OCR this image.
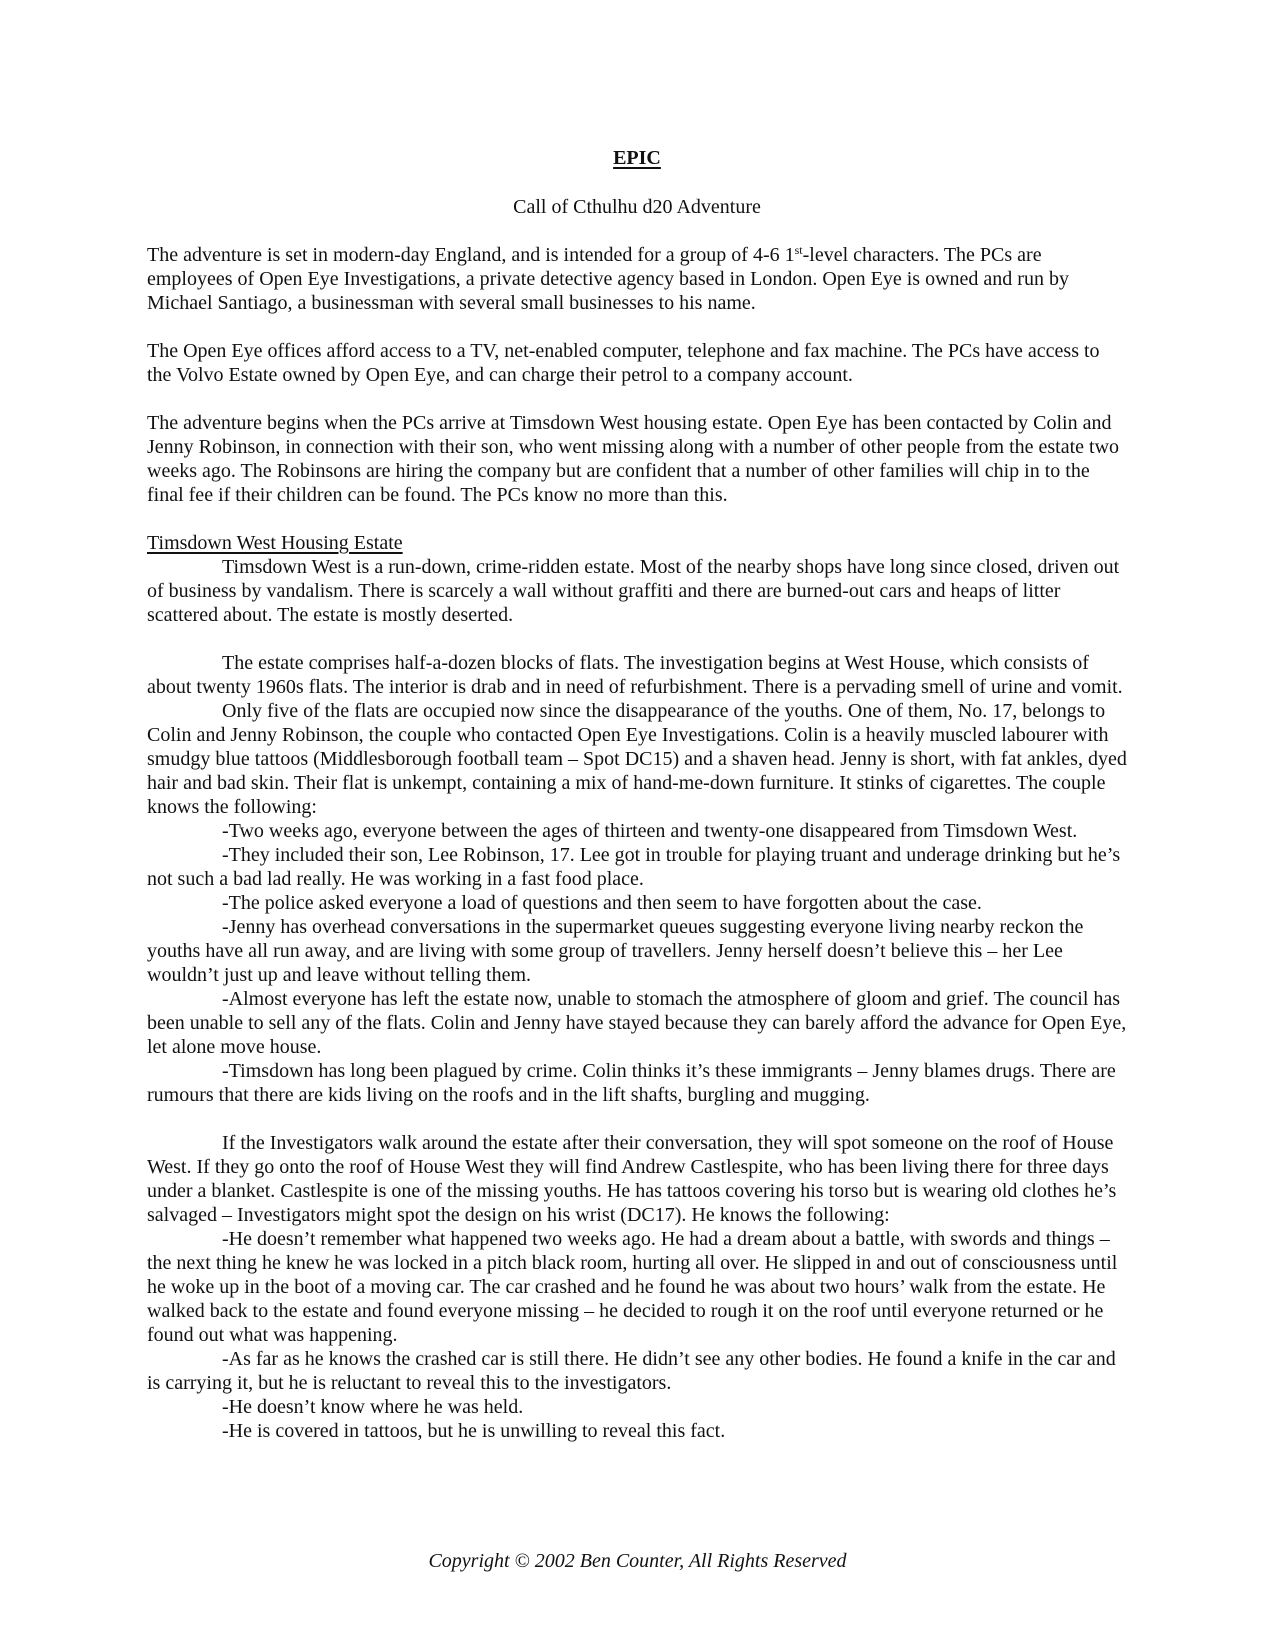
EPIC
Call of Cthulhu d20 Adventure

The adventure is set in modern-day England, and is intended for a group of 4-6 1st-level characters. The PCs are employees of Open Eye Investigations, a private detective agency based in London. Open Eye is owned and run by Michael Santiago, a businessman with several small businesses to his name.

The Open Eye offices afford access to a TV, net-enabled computer, telephone and fax machine. The PCs have access to the Volvo Estate owned by Open Eye, and can charge their petrol to a company account.

The adventure begins when the PCs arrive at Timsdown West housing estate. Open Eye has been contacted by Colin and Jenny Robinson, in connection with their son, who went missing along with a number of other people from the estate two weeks ago. The Robinsons are hiring the company but are confident that a number of other families will chip in to the final fee if their children can be found. The PCs know no more than this.

Timsdown West Housing Estate

Timsdown West is a run-down, crime-ridden estate. Most of the nearby shops have long since closed, driven out of business by vandalism. There is scarcely a wall without graffiti and there are burned-out cars and heaps of litter scattered about. The estate is mostly deserted.

The estate comprises half-a-dozen blocks of flats. The investigation begins at West House, which consists of about twenty 1960s flats. The interior is drab and in need of refurbishment. There is a pervading smell of urine and vomit.

Only five of the flats are occupied now since the disappearance of the youths. One of them, No. 17, belongs to Colin and Jenny Robinson, the couple who contacted Open Eye Investigations. Colin is a heavily muscled labourer with smudgy blue tattoos (Middlesborough football team – Spot DC15) and a shaven head. Jenny is short, with fat ankles, dyed hair and bad skin. Their flat is unkempt, containing a mix of hand-me-down furniture. It stinks of cigarettes. The couple knows the following:

-Two weeks ago, everyone between the ages of thirteen and twenty-one disappeared from Timsdown West.

-They included their son, Lee Robinson, 17. Lee got in trouble for playing truant and underage drinking but he’s not such a bad lad really. He was working in a fast food place.

-The police asked everyone a load of questions and then seem to have forgotten about the case.

-Jenny has overhead conversations in the supermarket queues suggesting everyone living nearby reckon the youths have all run away, and are living with some group of travellers. Jenny herself doesn’t believe this – her Lee wouldn’t just up and leave without telling them.

-Almost everyone has left the estate now, unable to stomach the atmosphere of gloom and grief. The council has been unable to sell any of the flats. Colin and Jenny have stayed because they can barely afford the advance for Open Eye, let alone move house.

-Timsdown has long been plagued by crime. Colin thinks it’s these immigrants – Jenny blames drugs. There are rumours that there are kids living on the roofs and in the lift shafts, burgling and mugging.

If the Investigators walk around the estate after their conversation, they will spot someone on the roof of House West. If they go onto the roof of House West they will find Andrew Castlespite, who has been living there for three days under a blanket. Castlespite is one of the missing youths. He has tattoos covering his torso but is wearing old clothes he’s salvaged – Investigators might spot the design on his wrist (DC17). He knows the following:

-He doesn’t remember what happened two weeks ago. He had a dream about a battle, with swords and things – the next thing he knew he was locked in a pitch black room, hurting all over. He slipped in and out of consciousness until he woke up in the boot of a moving car. The car crashed and he found he was about two hours’ walk from the estate. He walked back to the estate and found everyone missing – he decided to rough it on the roof until everyone returned or he found out what was happening.

-As far as he knows the crashed car is still there. He didn’t see any other bodies. He found a knife in the car and is carrying it, but he is reluctant to reveal this to the investigators.

-He doesn’t know where he was held.

-He is covered in tattoos, but he is unwilling to reveal this fact.

Copyright © 2002 Ben Counter, All Rights Reserved
